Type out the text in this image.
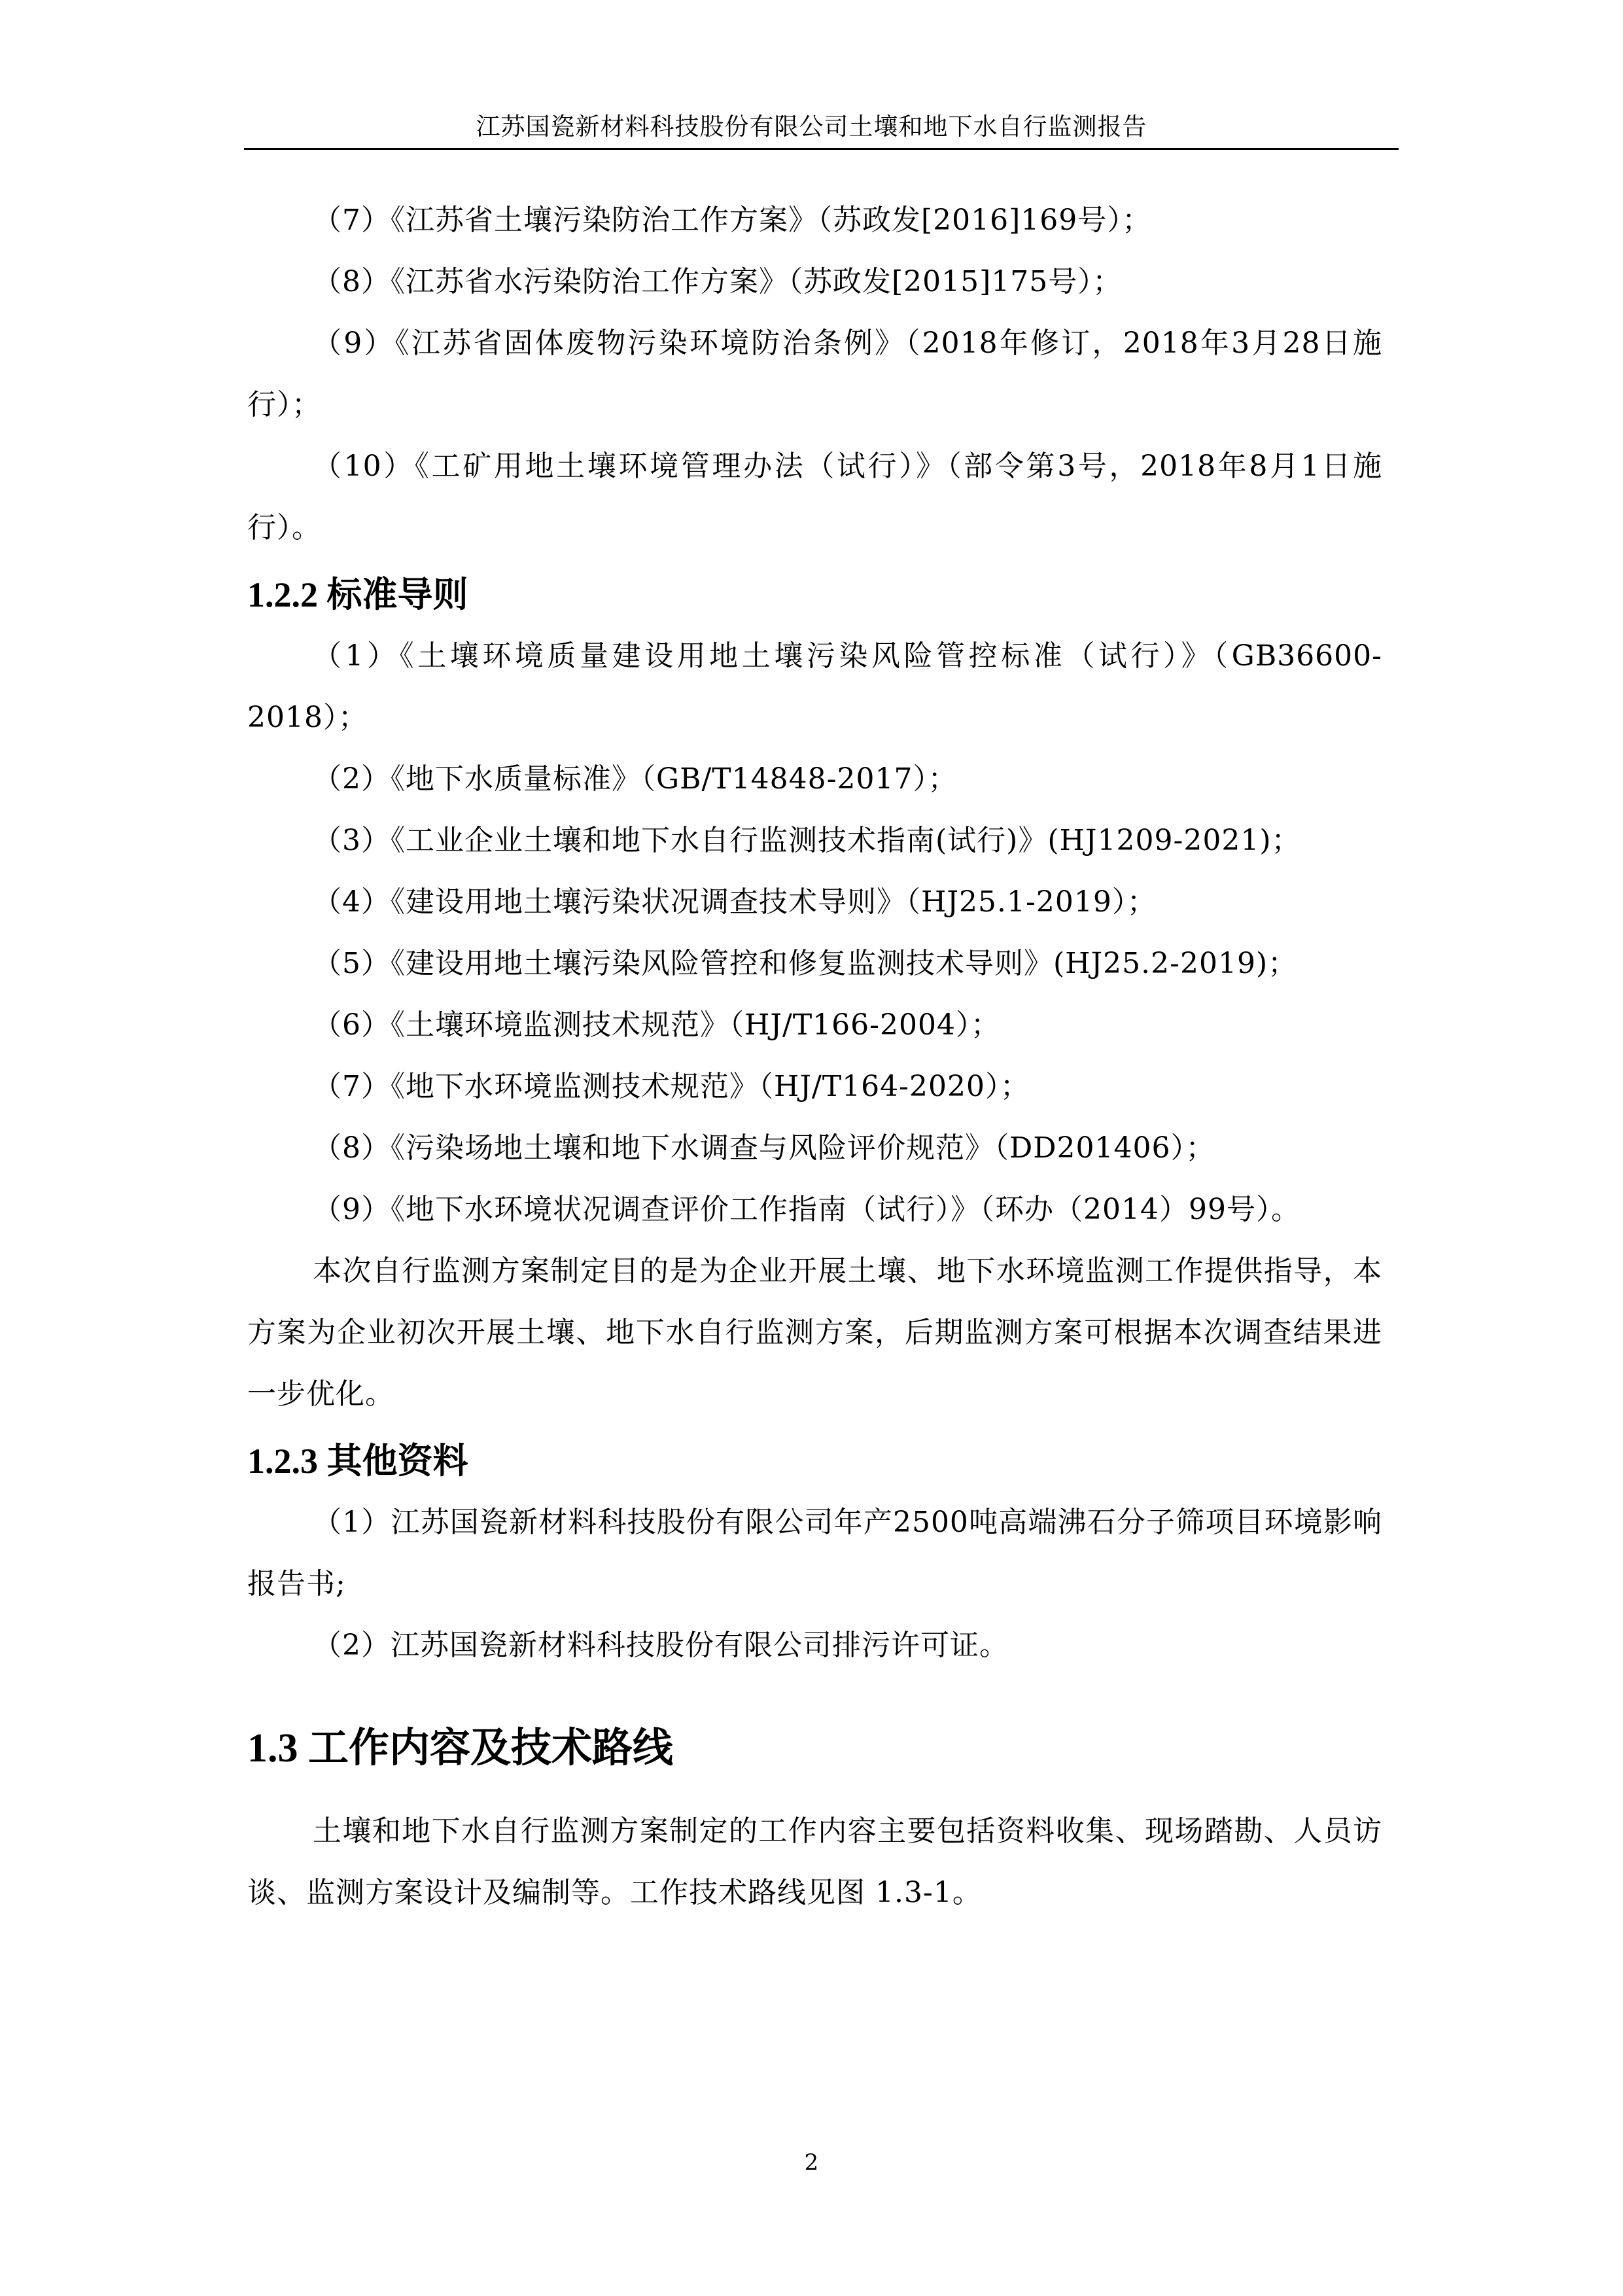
江苏国瓷新材料科技股份有限公司土壤和地下水自行监测报告

（7）《江苏省土壤污染防治工作方案》（苏政发[2016]169号）；

（8）《江苏省水污染防治工作方案》（苏政发[2015]175号）；

（9）《江苏省固体废物污染环境防治条例》（2018年修订，2018年3月28日施行）；

（10）《工矿用地土壤环境管理办法（试行）》（部令第3号，2018年8月1日施行）。

1.2.2 标准导则

（1）《土壤环境质量建设用地土壤污染风险管控标准（试行）》（GB36600-2018）；

（2）《地下水质量标准》（GB/T14848-2017）；

（3）《工业企业土壤和地下水自行监测技术指南(试行)》(HJ1209-2021)；

（4）《建设用地土壤污染状况调查技术导则》（HJ25.1-2019）；

（5）《建设用地土壤污染风险管控和修复监测技术导则》(HJ25.2-2019)；

（6）《土壤环境监测技术规范》（HJ/T166-2004）；

（7）《地下水环境监测技术规范》（HJ/T164-2020）；

（8）《污染场地土壤和地下水调查与风险评价规范》（DD201406）；

（9）《地下水环境状况调查评价工作指南（试行）》（环办（2014）99号）。

本次自行监测方案制定目的是为企业开展土壤、地下水环境监测工作提供指导，本方案为企业初次开展土壤、地下水自行监测方案，后期监测方案可根据本次调查结果进一步优化。

1.2.3 其他资料

（1）江苏国瓷新材料科技股份有限公司年产2500吨高端沸石分子筛项目环境影响报告书;

（2）江苏国瓷新材料科技股份有限公司排污许可证。

1.3 工作内容及技术路线

土壤和地下水自行监测方案制定的工作内容主要包括资料收集、现场踏勘、人员访谈、监测方案设计及编制等。工作技术路线见图 1.3-1。

2
